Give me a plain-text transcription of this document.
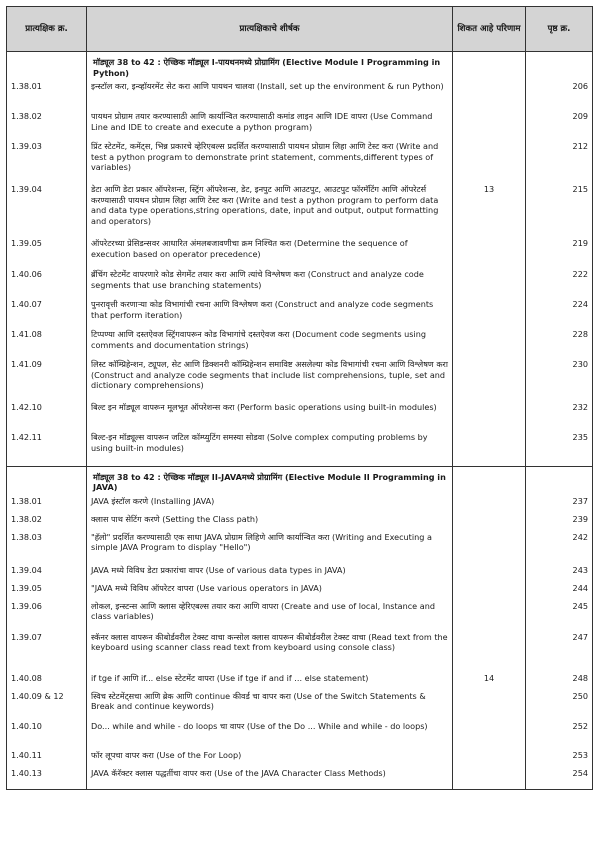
प्रात्यक्षिक क्र.	प्रात्यक्षिकाचे शीर्षक	शिकत आहे परिणाम	पृष्ठ क्र.
	मॉड्यूल 38 to 42 : ऐच्छिक मॉड्यूल I-पायथनमध्ये प्रोग्रामिंग (Elective Module I Programming in Python)		
1.38.01	इन्स्टॉल करा, इन्व्हॉयरमेंट सेट करा आणि पायथन चालवा (Install, set up the environment & run Python)		206
1.38.02	पायथन प्रोग्राम तयार करण्यासाठी आणि कार्यान्वित करण्यासाठी कमांड लाइन आणि IDE वापरा (Use Command Line and IDE to create and execute a python program)		209
1.39.03	प्रिंट स्टेटमेंट, कमेंट्स, भिन्न प्रकारचे व्हेरिएबल्स प्रदर्शित करण्यासाठी पायथन प्रोग्राम लिहा आणि टेस्ट करा (Write and test a python program to demonstrate print statement, comments,different types of variables)		212
1.39.04	डेटा आणि डेटा प्रकार ऑपरेशन्स, स्ट्रिंग ऑपरेशन्स, डेट, इनपुट आणि आउटपुट, आउटपुट फॉरमॅटिंग आणि ऑपरेटर्स करण्यासाठी पायथन प्रोग्राम लिहा आणि टेस्ट करा (Write and test a python program to perform data and data type operations,string operations, date, input and output, output formatting and operators)	13	215
1.39.05	ऑपरेटरच्या प्रेसिडन्सवर आधारित अंमलबजावणीचा क्रम निश्चित करा (Determine the sequence of execution based on operator precedence)		219
1.40.06	ब्रँचिंग स्टेटमेंट वापरणारे कोड सेगमेंट तयार करा आणि त्यांचे विश्लेषण करा (Construct and analyze code segments that use branching statements)		222
1.40.07	पुनरावृत्ती करणाऱ्या कोड विभागांची रचना आणि विश्लेषण करा (Construct and analyze code segments that perform iteration)		224
1.41.08	टिप्पण्या आणि दस्तऐवज स्ट्रिंगवापरून कोड विभागांचे दस्तऐवज करा (Document code segments using comments and documentation strings)		228
1.41.09	लिस्ट कॉम्प्रिहेन्शन, ट्यूपल, सेट आणि डिक्शनरी कॉम्प्रिहेन्शन समाविष्ट असलेल्या कोड विभागांची रचना आणि विश्लेषण करा (Construct and analyze code segments that include list comprehensions, tuple, set and dictionary comprehensions)		230
1.42.10	बिल्ट इन मॉड्यूल वापरून मूलभूत ऑपरेशन्स करा (Perform basic operations using built-in modules)		232
1.42.11	बिल्ट-इन मॉड्यूल्स वापरून जटिल कॉम्प्युटिंग समस्या सोडवा (Solve complex computing problems by using built-in modules)		235
	मॉड्यूल 38 to 42 : ऐच्छिक मॉड्यूल II-JAVAमध्ये प्रोग्रामिंग (Elective Module II Programming in JAVA)		
1.38.01	JAVA इंस्टॉल करणे (Installing JAVA)		237
1.38.02	क्लास पाथ सेटिंग करणे (Setting the Class path)		239
1.38.03	"हॅलो" प्रदर्शित करण्यासाठी एक साधा JAVA प्रोग्राम लिहिणे आणि कार्यान्वित करा (Writing and Executing a simple JAVA Program to display "Hello")		242
1.39.04	JAVA मध्ये विविध डेटा प्रकारांचा वापर (Use of various data types in JAVA)		243
1.39.05	"JAVA मध्ये विविध ऑपरेटर वापरा (Use various operators in JAVA)		244
1.39.06	लोकल, इन्स्टन्स आणि क्लास व्हेरिएबल्स तयार करा आणि वापरा (Create and use of local, Instance and class variables)		245
1.39.07	स्कॅनर क्लास वापरून कीबोर्डवरील टेक्स्ट वाचा कन्सोल क्लास वापरून कीबोर्डवरील टेक्स्ट वाचा (Read text from the keyboard using scanner class read text from keyboard using console class)		247
1.40.08	if tge if आणि if... else स्टेटमेंट वापरा (Use if tge if and if ... else statement)	14	248
1.40.09 & 12	स्विच स्टेटमेंट्सचा आणि ब्रेक आणि continue कीवर्ड चा वापर करा (Use of the Switch Statements & Break and continue keywords)		250
1.40.10	Do... while and while - do loops चा वापर (Use of the Do ... While and while - do loops)		252
1.40.11	फॉर लूपचा वापर करा (Use of the For Loop)		253
1.40.13	JAVA कॅरॅक्टर क्लास पद्धतींचा वापर करा (Use of the JAVA Character Class Methods)		254
